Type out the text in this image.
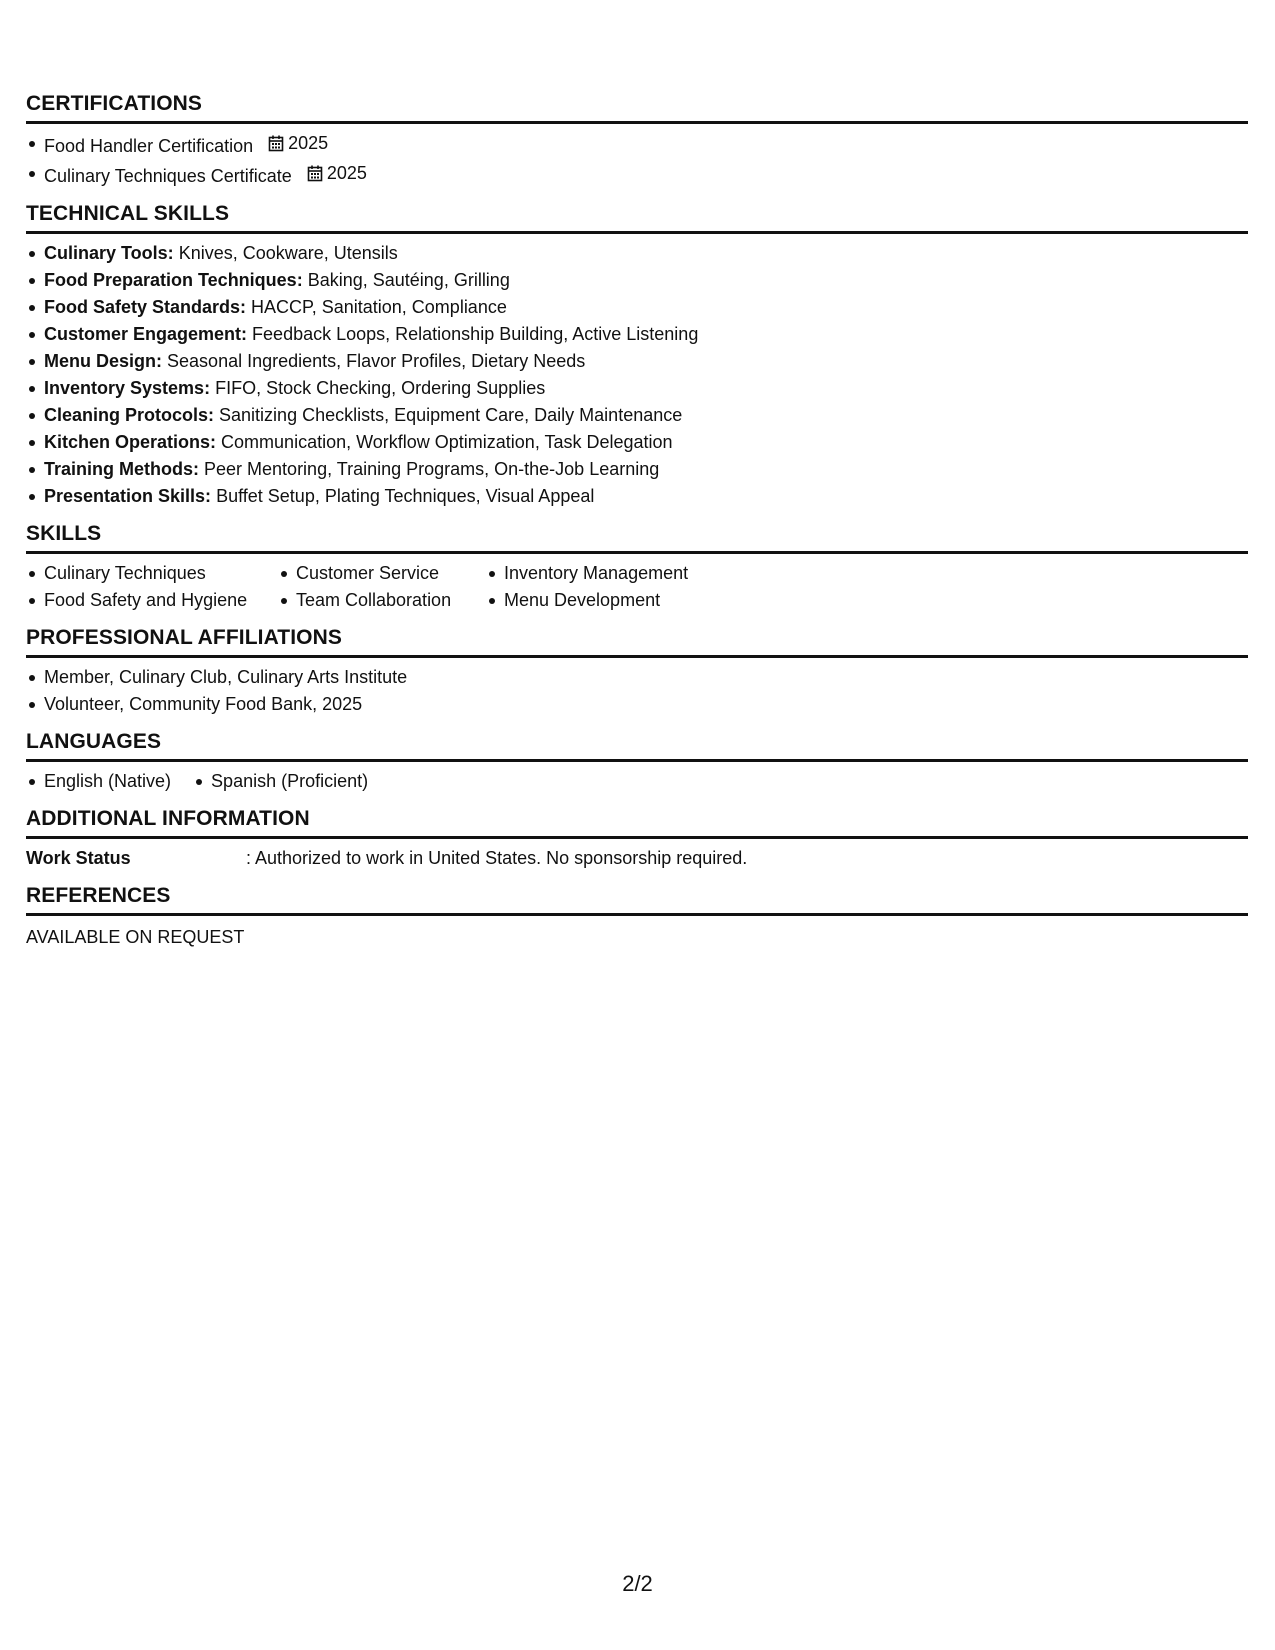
CERTIFICATIONS
Food Handler Certification 2025
Culinary Techniques Certificate 2025
TECHNICAL SKILLS
Culinary Tools: Knives, Cookware, Utensils
Food Preparation Techniques: Baking, Sautéing, Grilling
Food Safety Standards: HACCP, Sanitation, Compliance
Customer Engagement: Feedback Loops, Relationship Building, Active Listening
Menu Design: Seasonal Ingredients, Flavor Profiles, Dietary Needs
Inventory Systems: FIFO, Stock Checking, Ordering Supplies
Cleaning Protocols: Sanitizing Checklists, Equipment Care, Daily Maintenance
Kitchen Operations: Communication, Workflow Optimization, Task Delegation
Training Methods: Peer Mentoring, Training Programs, On-the-Job Learning
Presentation Skills: Buffet Setup, Plating Techniques, Visual Appeal
SKILLS
Culinary Techniques
Food Safety and Hygiene
Customer Service
Team Collaboration
Inventory Management
Menu Development
PROFESSIONAL AFFILIATIONS
Member, Culinary Club, Culinary Arts Institute
Volunteer, Community Food Bank, 2025
LANGUAGES
English (Native)	Spanish (Proficient)
ADDITIONAL INFORMATION
Work Status	: Authorized to work in United States. No sponsorship required.
REFERENCES
AVAILABLE ON REQUEST
2/2
